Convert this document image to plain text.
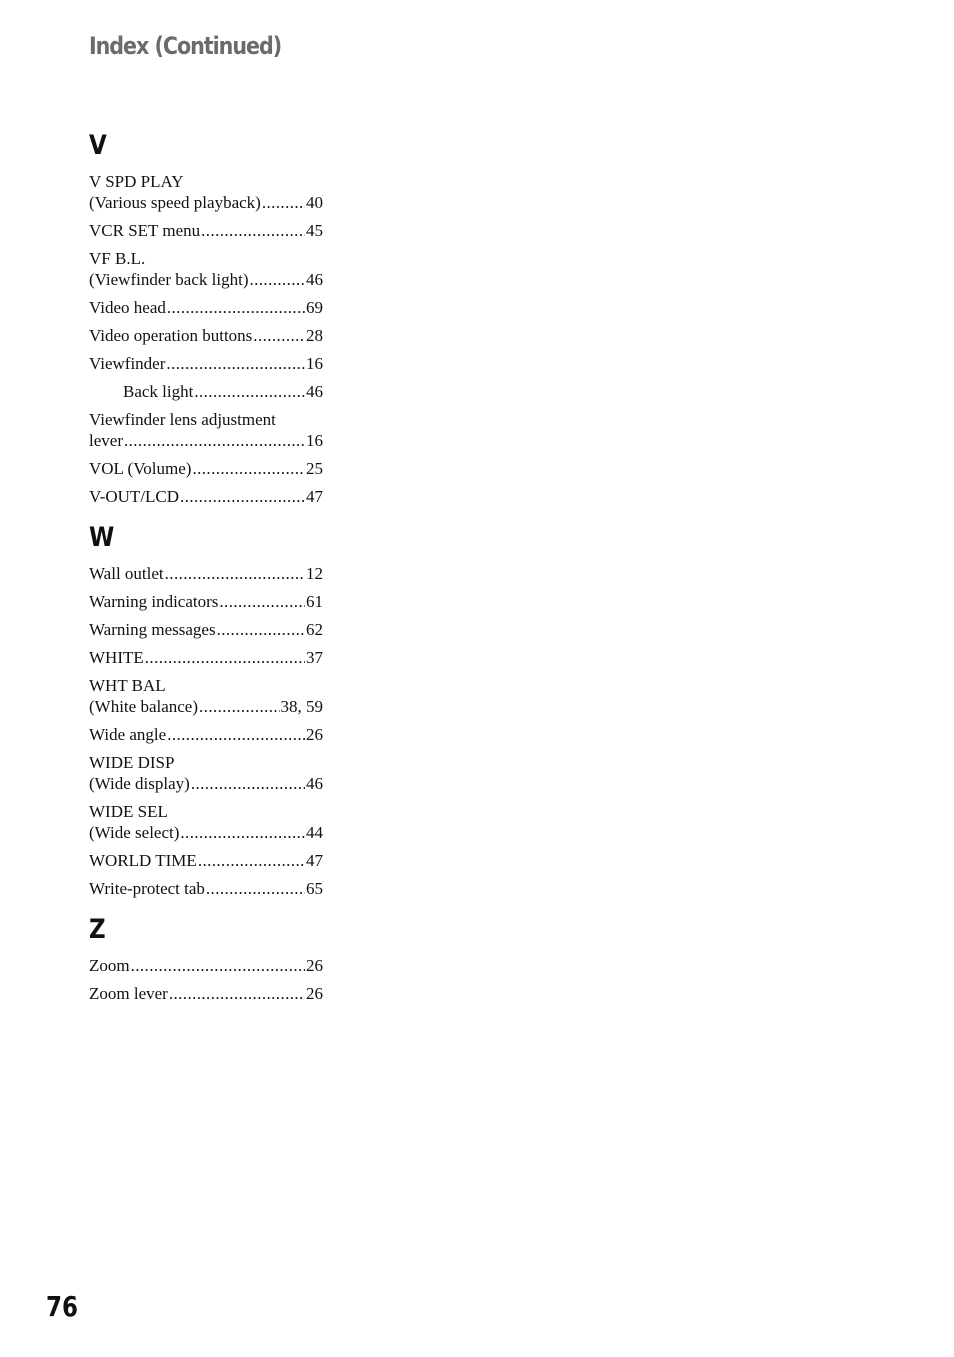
Index (Continued)
V
V SPD PLAY
(Various speed playback) .....	40
VCR SET menu .....	45
VF B.L.
(Viewfinder back light) .....	46
Video head .....	69
Video operation buttons .....	28
Viewfinder .....	16
Back light .....	46
Viewfinder lens adjustment
lever .....	16
VOL (Volume) .....	25
V-OUT/LCD .....	47
W
Wall outlet .....	12
Warning indicators .....	61
Warning messages .....	62
WHITE .....	37
WHT BAL
(White balance) .....	38, 59
Wide angle .....	26
WIDE DISP
(Wide display) .....	46
WIDE SEL
(Wide select) .....	44
WORLD TIME .....	47
Write-protect tab .....	65
Z
Zoom .....	26
Zoom lever .....	26
76
